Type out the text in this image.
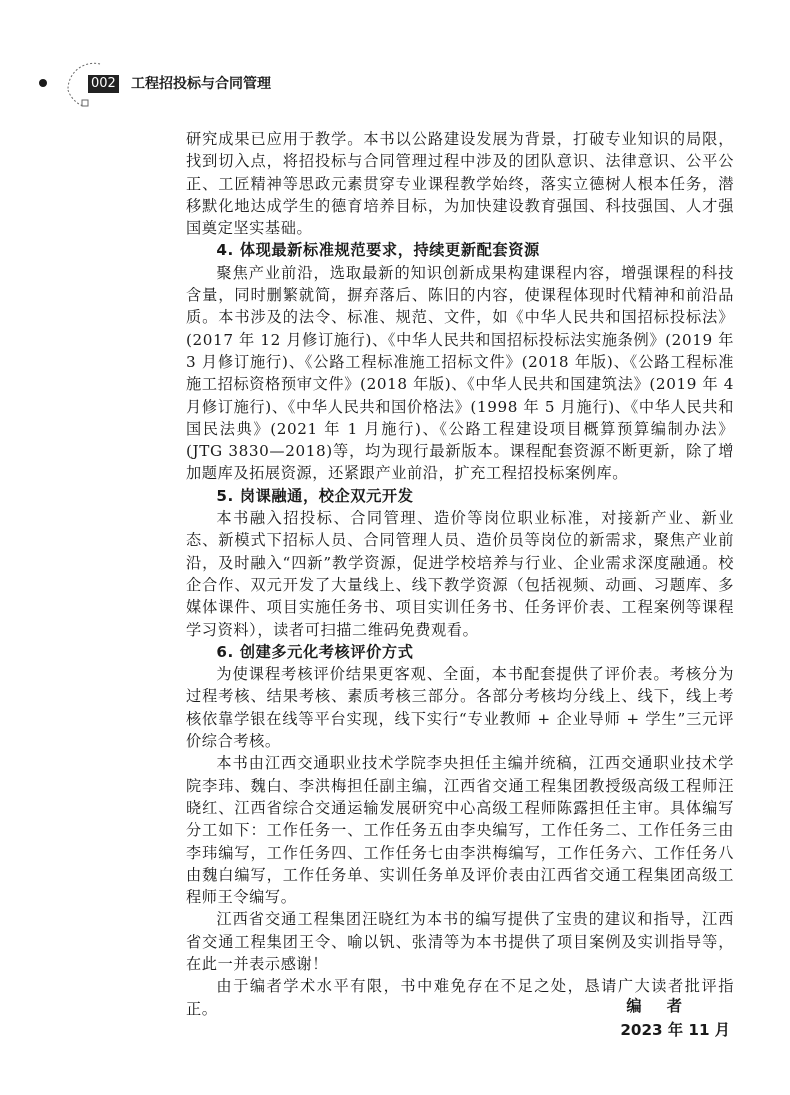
002 工程招投标与合同管理

研究成果已应用于教学。本书以公路建设发展为背景，打破专业知识的局限，找到切入点，将招投标与合同管理过程中涉及的团队意识、法律意识、公平公正、工匠精神等思政元素贯穿专业课程教学始终，落实立德树人根本任务，潜移默化地达成学生的德育培养目标，为加快建设教育强国、科技强国、人才强国奠定坚实基础。

4. 体现最新标准规范要求，持续更新配套资源

聚焦产业前沿，选取最新的知识创新成果构建课程内容，增强课程的科技含量，同时删繁就简，摒弃落后、陈旧的内容，使课程体现时代精神和前沿品质。本书涉及的法令、标准、规范、文件，如《中华人民共和国招标投标法》(2017 年 12 月修订施行)、《中华人民共和国招标投标法实施条例》(2019 年 3 月修订施行)、《公路工程标准施工招标文件》(2018 年版)、《公路工程标准施工招标资格预审文件》(2018 年版)、《中华人民共和国建筑法》(2019 年 4 月修订施行)、《中华人民共和国价格法》(1998 年 5 月施行)、《中华人民共和国民法典》(2021 年 1 月施行)、《公路工程建设项目概算预算编制办法》(JTG 3830—2018)等，均为现行最新版本。课程配套资源不断更新，除了增加题库及拓展资源，还紧跟产业前沿，扩充工程招投标案例库。

5. 岗课融通，校企双元开发

本书融入招投标、合同管理、造价等岗位职业标准，对接新产业、新业态、新模式下招标人员、合同管理人员、造价员等岗位的新需求，聚焦产业前沿，及时融入“四新”教学资源，促进学校培养与行业、企业需求深度融通。校企合作、双元开发了大量线上、线下教学资源（包括视频、动画、习题库、多媒体课件、项目实施任务书、项目实训任务书、任务评价表、工程案例等课程学习资料），读者可扫描二维码免费观看。

6. 创建多元化考核评价方式

为使课程考核评价结果更客观、全面，本书配套提供了评价表。考核分为过程考核、结果考核、素质考核三部分。各部分考核均分线上、线下，线上考核依靠学银在线等平台实现，线下实行“专业教师 + 企业导师 + 学生”三元评价综合考核。

本书由江西交通职业技术学院李央担任主编并统稿，江西交通职业技术学院李玮、魏白、李洪梅担任副主编，江西省交通工程集团教授级高级工程师汪晓红、江西省综合交通运输发展研究中心高级工程师陈露担任主审。具体编写分工如下：工作任务一、工作任务五由李央编写，工作任务二、工作任务三由李玮编写，工作任务四、工作任务七由李洪梅编写，工作任务六、工作任务八由魏白编写，工作任务单、实训任务单及评价表由江西省交通工程集团高级工程师王令编写。

江西省交通工程集团汪晓红为本书的编写提供了宝贵的建议和指导，江西省交通工程集团王令、喻以钒、张清等为本书提供了项目案例及实训指导等，在此一并表示感谢！

由于编者学术水平有限，书中难免存在不足之处，恳请广大读者批评指正。	编 者
2023 年 11 月
